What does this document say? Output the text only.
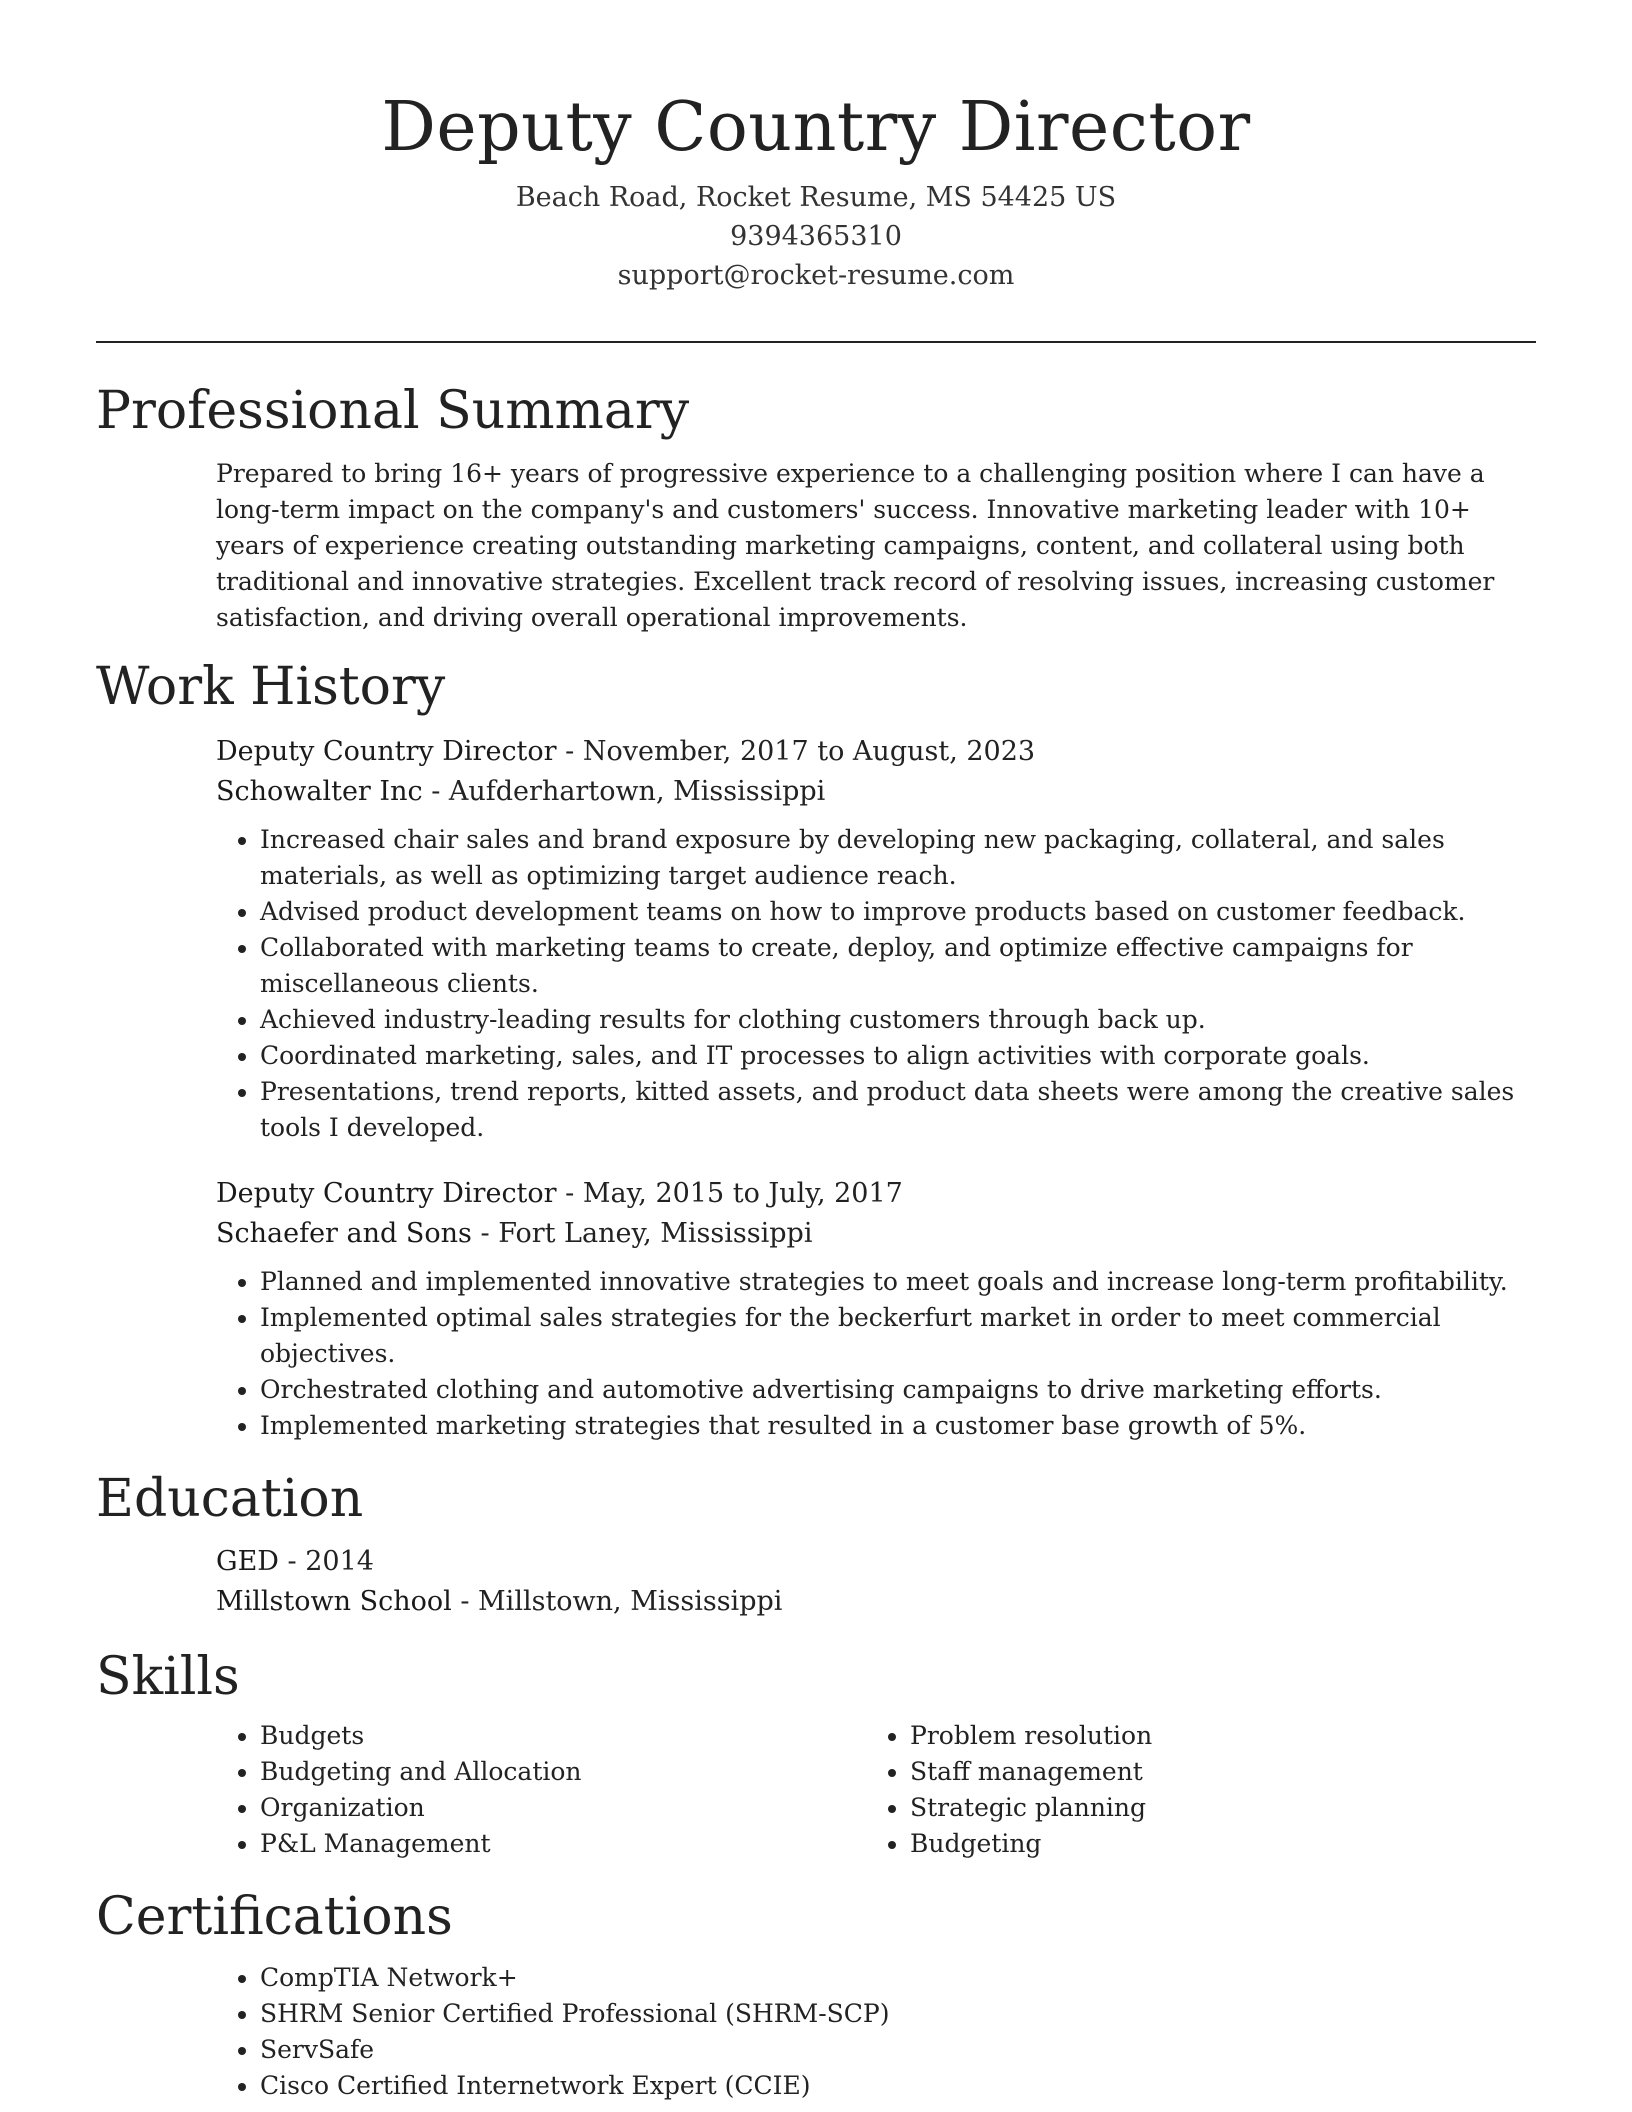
Deputy Country Director
Beach Road, Rocket Resume, MS 54425 US
9394365310
support@rocket-resume.com
Professional Summary

Prepared to bring 16+ years of progressive experience to a challenging position where I can have a long-term impact on the company's and customers' success. Innovative marketing leader with 10+ years of experience creating outstanding marketing campaigns, content, and collateral using both traditional and innovative strategies. Excellent track record of resolving issues, increasing customer satisfaction, and driving overall operational improvements.

Work History
Deputy Country Director - November, 2017 to August, 2023
Schowalter Inc - Aufderhartown, Mississippi
• Increased chair sales and brand exposure by developing new packaging, collateral, and sales materials, as well as optimizing target audience reach.
• Advised product development teams on how to improve products based on customer feedback.
• Collaborated with marketing teams to create, deploy, and optimize effective campaigns for miscellaneous clients.
• Achieved industry-leading results for clothing customers through back up.
• Coordinated marketing, sales, and IT processes to align activities with corporate goals.
• Presentations, trend reports, kitted assets, and product data sheets were among the creative sales tools I developed.
Deputy Country Director - May, 2015 to July, 2017
Schaefer and Sons - Fort Laney, Mississippi
• Planned and implemented innovative strategies to meet goals and increase long-term profitability.
• Implemented optimal sales strategies for the beckerfurt market in order to meet commercial objectives.
• Orchestrated clothing and automotive advertising campaigns to drive marketing efforts.
• Implemented marketing strategies that resulted in a customer base growth of 5%.
Education
GED - 2014
Millstown School - Millstown, Mississippi
Skills
• Budgets
• Budgeting and Allocation
• Organization
• P&L Management
• Problem resolution
• Staff management
• Strategic planning
• Budgeting
Certifications
• CompTIA Network+
• SHRM Senior Certified Professional (SHRM-SCP)
• ServSafe
• Cisco Certified Internetwork Expert (CCIE)
